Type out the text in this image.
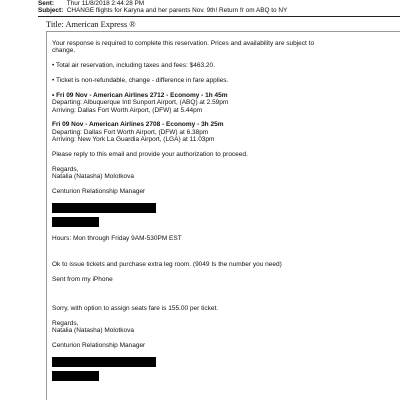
Sent: Thur 11/8/2018 2:44:28 PM
Subject: CHANGE flights for Karyna and her parents Nov. 9th! Return fr om ABQ to NY
Title: American Express ®

Your response is required to complete this reservation. Prices and availability are subject to

change.

• Total air reservation, including taxes and fees: $463.20.

• Ticket is non-refundable, change - difference in fare applies.

• Fri 09 Nov - American Airlines 2712 - Economy - 1h 45m

Departing: Albuquerque Intl Sunport Airport, (ABQ) at 2.59pm

Arriving: Dallas Fort Worth Airport, (DFW) at 5.44pm

Fri 09 Nov - American Airlines 2708 - Economy - 3h 25m

Departing: Dallas Fort Worth Airport, (DFW) at 6.38pm

Arriving: New York La Guardia Airport, (LGA) at 11.03pm

Please reply to this email and provide your authorization to proceed.

Regards,

Natalia (Natasha) Molotkova

Centurion Relationship Manager

Hours: Mon through Friday 9AM-530PM EST

Ok to issue tickets and purchase extra leg room. (9049 Is the number you need)

Sent from my iPhone

Sorry, with option to assign seats fare is 155.00 per ticket.

Regards,

Natalia (Natasha) Molotkova

Centurion Relationship Manager
